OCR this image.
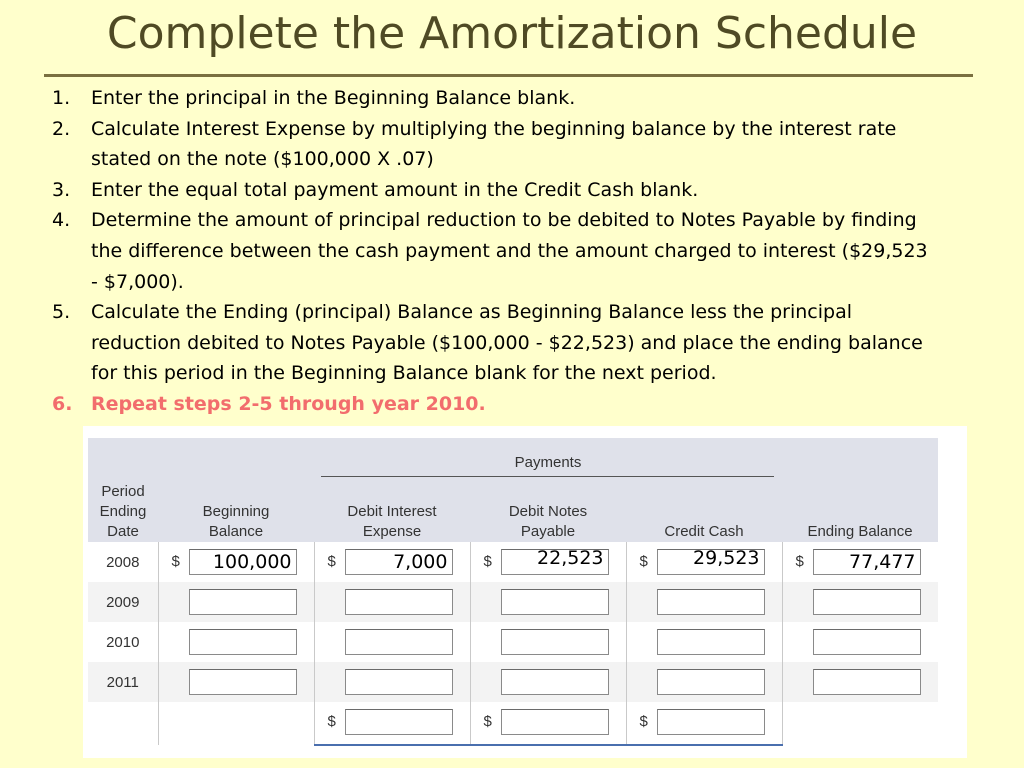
Complete the Amortization Schedule
1. Enter the principal in the Beginning Balance blank.
2. Calculate Interest Expense by multiplying the beginning balance by the interest rate stated on the note ($100,000 X .07)
3. Enter the equal total payment amount in the Credit Cash blank.
4. Determine the amount of principal reduction to be debited to Notes Payable by finding the difference between the cash payment and the amount charged to interest ($29,523 - $7,000).
5. Calculate the Ending (principal) Balance as Beginning Balance less the principal reduction debited to Notes Payable ($100,000 - $22,523) and place the ending balance for this period in the Beginning Balance blank for the next period.
6. Repeat steps 2-5 through year 2010.

		Payments			

Period Ending Date	Beginning Balance	Debit Interest Expense	Debit Notes Payable	Credit Cash	Ending Balance

2008	$ 100,000	$ 7,000	$ 22,523	$ 29,523	$ 77,477

2009	

2010	

2011	

		$	$	$	
